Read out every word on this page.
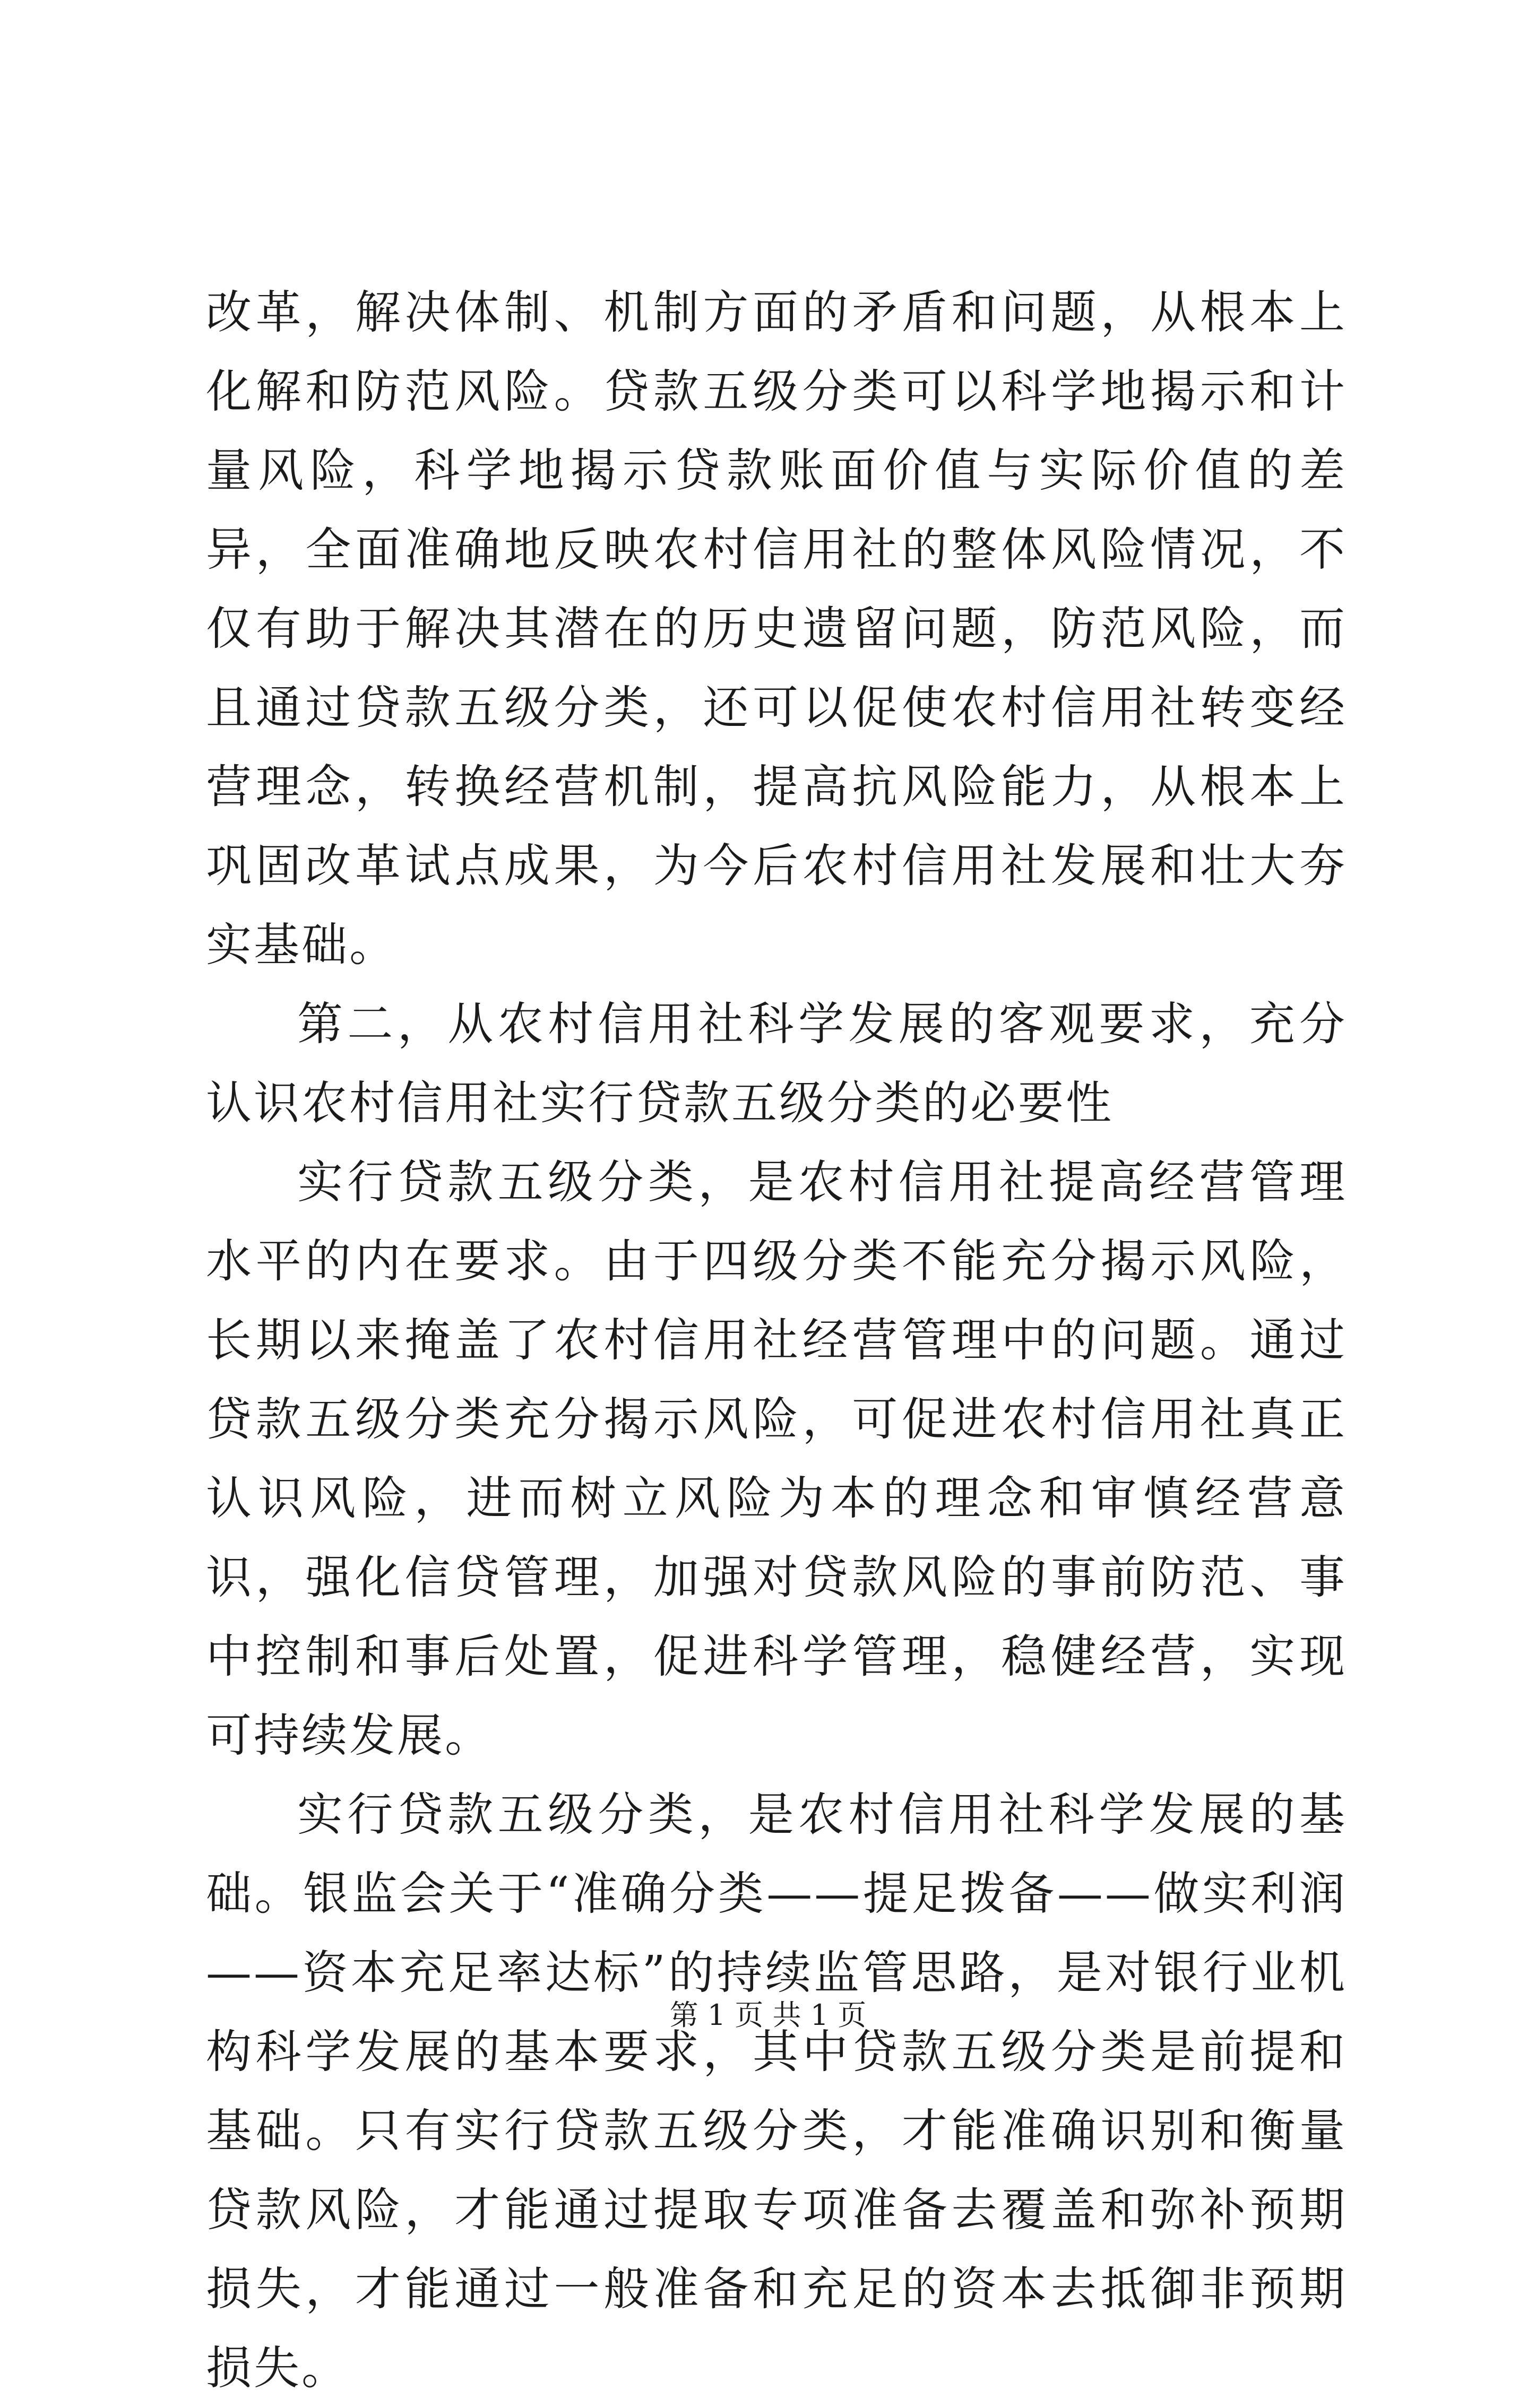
改革，解决体制、机制方面的矛盾和问题，从根本上化解和防范风险。贷款五级分类可以科学地揭示和计量风险，科学地揭示贷款账面价值与实际价值的差异，全面准确地反映农村信用社的整体风险情况，不仅有助于解决其潜在的历史遗留问题，防范风险，而且通过贷款五级分类，还可以促使农村信用社转变经营理念，转换经营机制，提高抗风险能力，从根本上巩固改革试点成果，为今后农村信用社发展和壮大夯实基础。

第二，从农村信用社科学发展的客观要求，充分认识农村信用社实行贷款五级分类的必要性

实行贷款五级分类，是农村信用社提高经营管理水平的内在要求。由于四级分类不能充分揭示风险，长期以来掩盖了农村信用社经营管理中的问题。通过贷款五级分类充分揭示风险，可促进农村信用社真正认识风险，进而树立风险为本的理念和审慎经营意识，强化信贷管理，加强对贷款风险的事前防范、事中控制和事后处置，促进科学管理，稳健经营，实现可持续发展。

实行贷款五级分类，是农村信用社科学发展的基础。银监会关于“准确分类——提足拨备——做实利润——资本充足率达标”的持续监管思路，是对银行业机构科学发展的基本要求，其中贷款五级分类是前提和基础。只有实行贷款五级分类，才能准确识别和衡量贷款风险，才能通过提取专项准备去覆盖和弥补预期损失，才能通过一般准备和充足的资本去抵御非预期损失。

第 1 页 共 1 页
